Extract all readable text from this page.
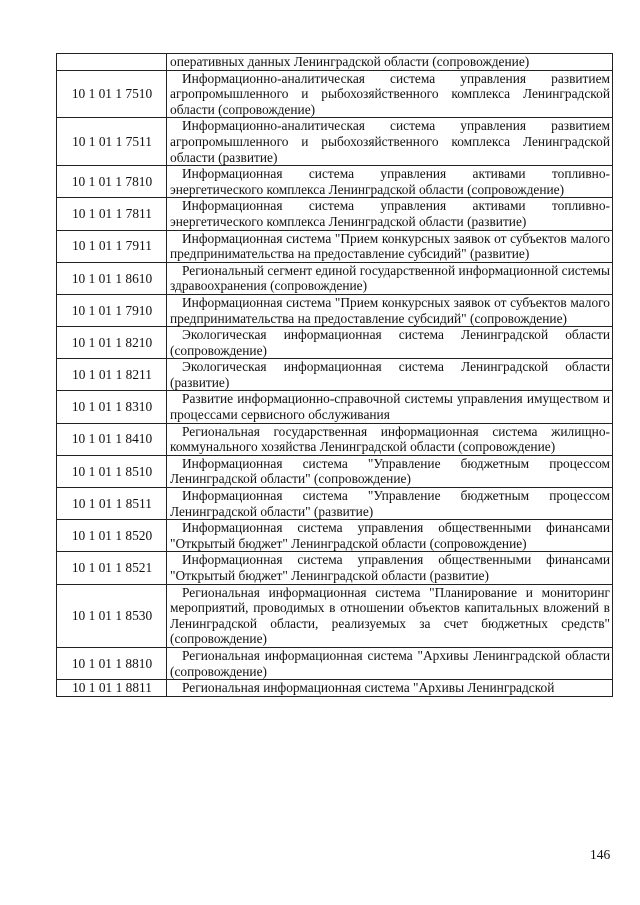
	оперативных данных Ленинградской области (сопровождение)
10 1 01 1 7510	Информационно-аналитическая система управления развитием агропромышленного и рыбохозяйственного комплекса Ленинградской области (сопровождение)
10 1 01 1 7511	Информационно-аналитическая система управления развитием агропромышленного и рыбохозяйственного комплекса Ленинградской области (развитие)
10 1 01 1 7810	Информационная система управления активами топливно-энергетического комплекса Ленинградской области (сопровождение)
10 1 01 1 7811	Информационная система управления активами топливно-энергетического комплекса Ленинградской области (развитие)
10 1 01 1 7911	Информационная система "Прием конкурсных заявок от субъектов малого предпринимательства на предоставление субсидий" (развитие)
10 1 01 1 8610	Региональный сегмент единой государственной информационной системы здравоохранения (сопровождение)
10 1 01 1 7910	Информационная система "Прием конкурсных заявок от субъектов малого предпринимательства на предоставление субсидий" (сопровождение)
10 1 01 1 8210	Экологическая информационная система Ленинградской области (сопровождение)
10 1 01 1 8211	Экологическая информационная система Ленинградской области (развитие)
10 1 01 1 8310	Развитие информационно-справочной системы управления имуществом и процессами сервисного обслуживания
10 1 01 1 8410	Региональная государственная информационная система жилищно-коммунального хозяйства Ленинградской области (сопровождение)
10 1 01 1 8510	Информационная система "Управление бюджетным процессом Ленинградской области" (сопровождение)
10 1 01 1 8511	Информационная система "Управление бюджетным процессом Ленинградской области" (развитие)
10 1 01 1 8520	Информационная система управления общественными финансами "Открытый бюджет" Ленинградской области (сопровождение)
10 1 01 1 8521	Информационная система управления общественными финансами "Открытый бюджет" Ленинградской области (развитие)
10 1 01 1 8530	Региональная информационная система "Планирование и мониторинг мероприятий, проводимых в отношении объектов капитальных вложений в Ленинградской области, реализуемых за счет бюджетных средств" (сопровождение)
10 1 01 1 8810	Региональная информационная система "Архивы Ленинградской области (сопровождение)
10 1 01 1 8811	Региональная информационная система "Архивы Ленинградской
146
